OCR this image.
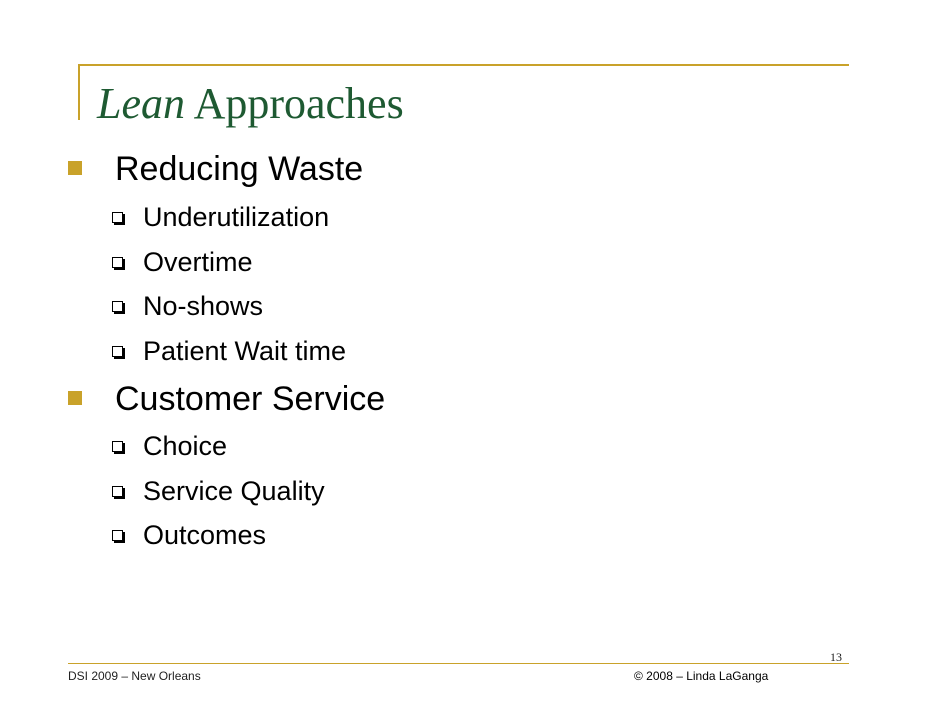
Lean Approaches
Reducing Waste
Underutilization
Overtime
No-shows
Patient Wait time
Customer Service
Choice
Service Quality
Outcomes
13
DSI 2009 – New Orleans	© 2008 – Linda LaGanga
